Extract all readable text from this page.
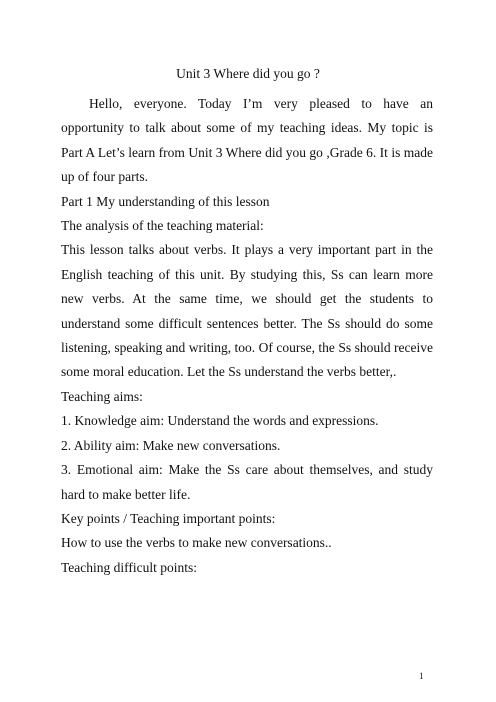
Unit 3 Where did you go ?

Hello, everyone. Today I’m very pleased to have an opportunity to talk about some of my teaching ideas. My topic is Part A Let’s learn from Unit 3 Where did you go ,Grade 6. It is made up of four parts.

Part 1 My understanding of this lesson

The analysis of the teaching material:

This lesson talks about verbs. It plays a very important part in the English teaching of this unit. By studying this, Ss can learn more new verbs. At the same time, we should get the students to understand some difficult sentences better. The Ss should do some listening, speaking and writing, too. Of course, the Ss should receive some moral education. Let the Ss understand the verbs better,.

Teaching aims:

1. Knowledge aim: Understand the words and expressions.

2. Ability aim: Make new conversations.

3. Emotional aim: Make the Ss care about themselves, and study hard to make better life.

Key points / Teaching important points:

How to use the verbs to make new conversations..

Teaching difficult points:

1
